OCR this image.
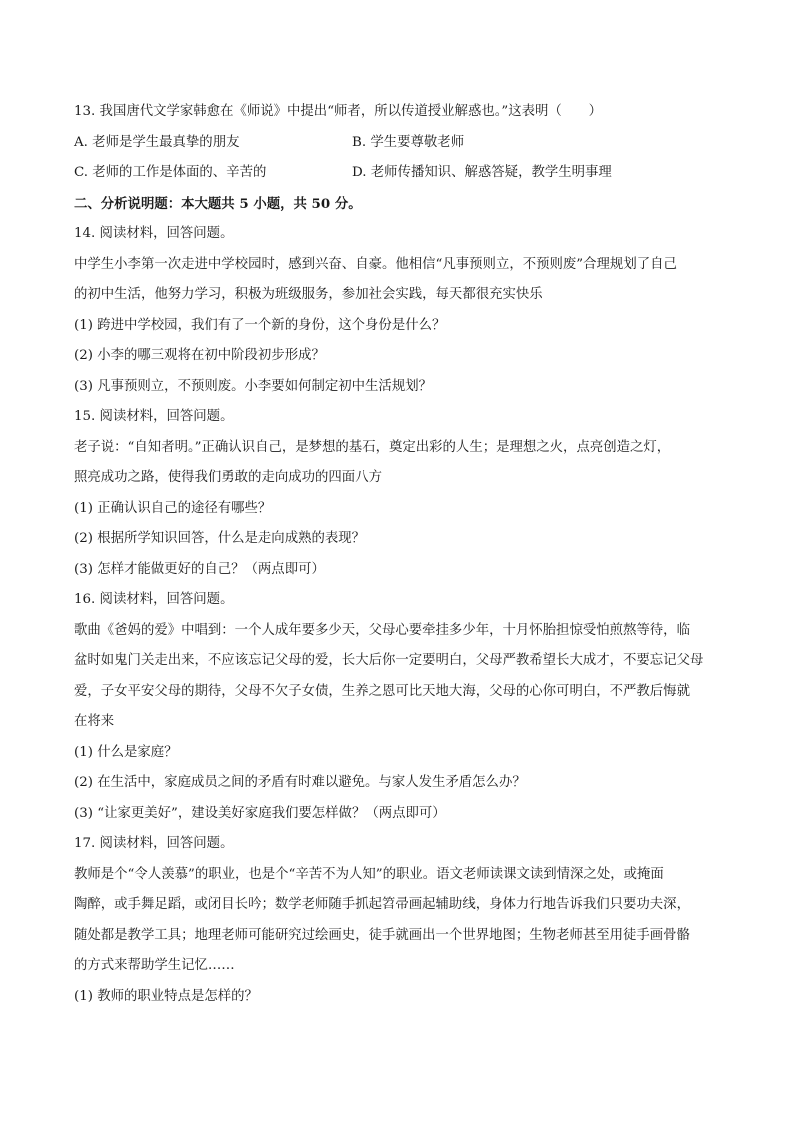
13. 我国唐代文学家韩愈在《师说》中提出“师者，所以传道授业解惑也。”这表明（　　）

A. 老师是学生最真挚的朋友	B. 学生要尊敬老师
C. 老师的工作是体面的、辛苦的	D. 老师传播知识、解惑答疑，教学生明事理

二、分析说明题：本大题共 5 小题，共 50 分。

14. 阅读材料，回答问题。

中学生小李第一次走进中学校园时，感到兴奋、自豪。他相信“凡事预则立，不预则废”合理规划了自己

的初中生活，他努力学习，积极为班级服务，参加社会实践，每天都很充实快乐

(1) 跨进中学校园，我们有了一个新的身份，这个身份是什么？

(2) 小李的哪三观将在初中阶段初步形成？

(3) 凡事预则立，不预则废。小李要如何制定初中生活规划？

15. 阅读材料，回答问题。

老子说：“自知者明。”正确认识自己，是梦想的基石，奠定出彩的人生；是理想之火，点亮创造之灯，

照亮成功之路，使得我们勇敢的走向成功的四面八方

(1) 正确认识自己的途径有哪些？

(2) 根据所学知识回答，什么是走向成熟的表现？

(3) 怎样才能做更好的自己？（两点即可）

16. 阅读材料，回答问题。

歌曲《爸妈的爱》中唱到：一个人成年要多少天，父母心要牵挂多少年，十月怀胎担惊受怕煎熬等待，临

盆时如鬼门关走出来，不应该忘记父母的爱，长大后你一定要明白，父母严教希望长大成才，不要忘记父母

爱，子女平安父母的期待，父母不欠子女债，生养之恩可比天地大海，父母的心你可明白，不严教后悔就

在将来

(1) 什么是家庭？

(2) 在生活中，家庭成员之间的矛盾有时难以避免。与家人发生矛盾怎么办？

(3) “让家更美好”，建设美好家庭我们要怎样做？（两点即可）

17. 阅读材料，回答问题。

教师是个“令人羡慕”的职业，也是个“辛苦不为人知”的职业。语文老师读课文读到情深之处，或掩面

陶醉，或手舞足蹈，或闭目长吟；数学老师随手抓起笤帚画起辅助线，身体力行地告诉我们只要功夫深，

随处都是教学工具；地理老师可能研究过绘画史，徒手就画出一个世界地图；生物老师甚至用徒手画骨骼

的方式来帮助学生记忆……

(1) 教师的职业特点是怎样的？
